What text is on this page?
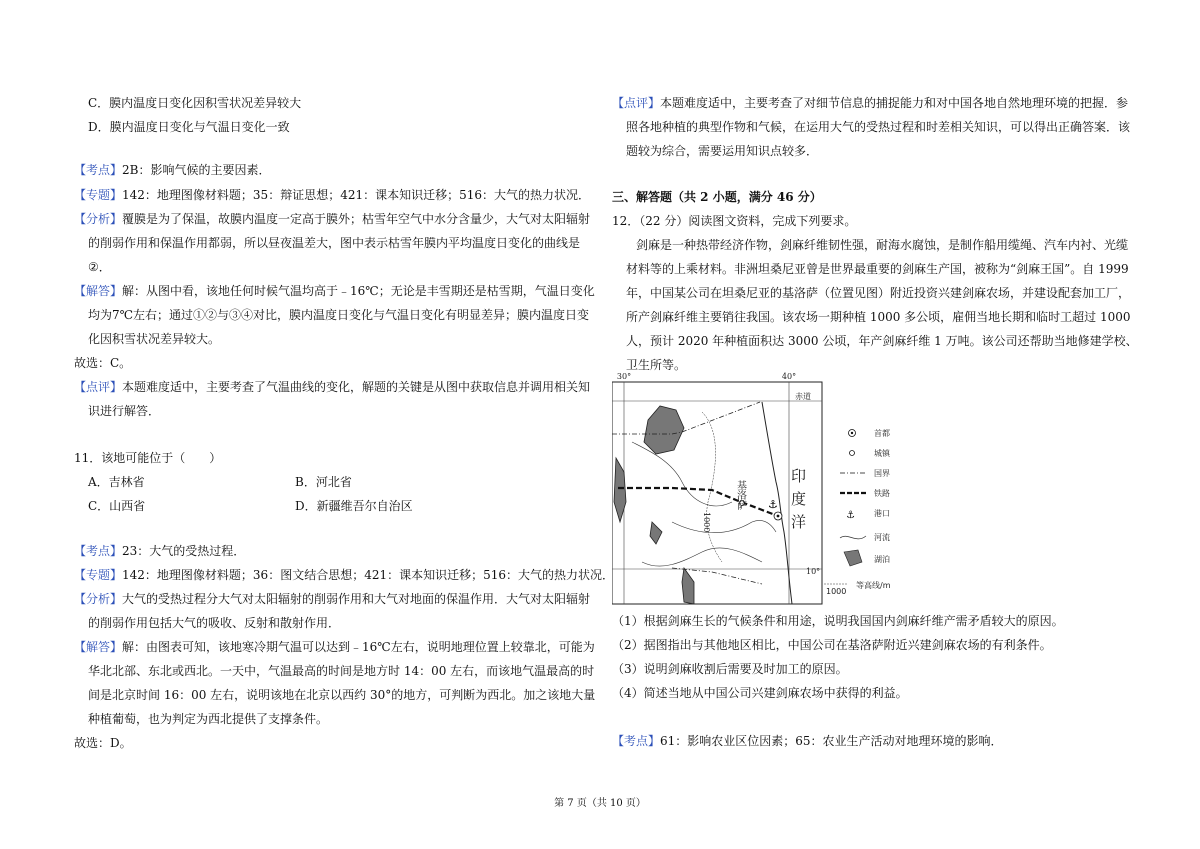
C．膜内温度日变化因积雪状况差异较大
D．膜内温度日变化与气温日变化一致
【考点】2B：影响气候的主要因素．
【专题】142：地理图像材料题；35：辩证思想；421：课本知识迁移；516：大气的热力状况．
【分析】覆膜是为了保温，故膜内温度一定高于膜外；枯雪年空气中水分含量少，大气对太阳辐射
的削弱作用和保温作用都弱，所以昼夜温差大，图中表示枯雪年膜内平均温度日变化的曲线是
②．
【解答】解：从图中看，该地任何时候气温均高于﹣16℃；无论是丰雪期还是枯雪期，气温日变化
均为7℃左右；通过①②与③④对比，膜内温度日变化与气温日变化有明显差异；膜内温度日变
化因积雪状况差异较大。
故选：C。
【点评】本题难度适中，主要考查了气温曲线的变化，解题的关键是从图中获取信息并调用相关知
识进行解答．
11．该地可能位于（　　）
A．吉林省	B．河北省
C．山西省	D．新疆维吾尔自治区
【考点】23：大气的受热过程．
【专题】142：地理图像材料题；36：图文结合思想；421：课本知识迁移；516：大气的热力状况．
【分析】大气的受热过程分大气对太阳辐射的削弱作用和大气对地面的保温作用．大气对太阳辐射
的削弱作用包括大气的吸收、反射和散射作用．
【解答】解：由图表可知，该地寒冷期气温可以达到﹣16℃左右，说明地理位置上较靠北，可能为
华北北部、东北或西北。一天中，气温最高的时间是地方时 14：00 左右，而该地气温最高的时
间是北京时间 16：00 左右，说明该地在北京以西约 30°的地方，可判断为西北。加之该地大量
种植葡萄，也为判定为西北提供了支撑条件。
故选：D。
【点评】本题难度适中，主要考查了对细节信息的捕捉能力和对中国各地自然地理环境的把握．参
照各地种植的典型作物和气候，在运用大气的受热过程和时差相关知识，可以得出正确答案．该
题较为综合，需要运用知识点较多．
三、解答题（共 2 小题，满分 46 分）
12．（22 分）阅读图文资料，完成下列要求。
剑麻是一种热带经济作物，剑麻纤维韧性强，耐海水腐蚀，是制作船用缆绳、汽车内衬、光缆
材料等的上乘材料。非洲坦桑尼亚曾是世界最重要的剑麻生产国，被称为“剑麻王国”。自 1999
年，中国某公司在坦桑尼亚的基洛萨（位置见图）附近投资兴建剑麻农场，并建设配套加工厂，
所产剑麻纤维主要销往我国。该农场一期种植 1000 多公顷，雇佣当地长期和临时工超过 1000
人，预计 2020 年种植面积达 3000 公顷，年产剑麻纤维 1 万吨。该公司还帮助当地修建学校、
卫生所等。
（1）根据剑麻生长的气候条件和用途，说明我国国内剑麻纤维产需矛盾较大的原因。
（2）据图指出与其他地区相比，中国公司在基洛萨附近兴建剑麻农场的有利条件。
（3）说明剑麻收割后需要及时加工的原因。
（4）简述当地从中国公司兴建剑麻农场中获得的利益。
【考点】61：影响农业区位因素；65：农业生产活动对地理环境的影响．
⚓
30°	40°
赤道
10°
1000
基洛萨	印度洋
首都
城镇
国界
铁路
⚓ 港口
河流
湖泊
1000
等高线/m
第 7 页（共 10 页）
